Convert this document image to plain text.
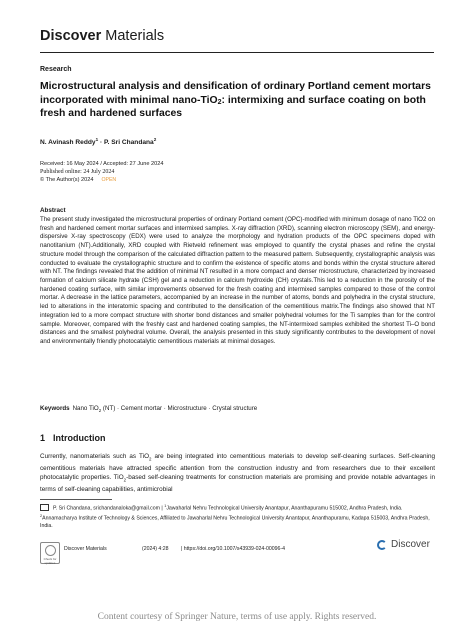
Discover Materials
Research
Microstructural analysis and densification of ordinary Portland cement mortars incorporated with minimal nano-TiO$_2$: intermixing and surface coating on both fresh and hardened surfaces
N. Avinash Reddy$^1$ · P. Sri Chandana$^2$
Received: 16 May 2024 / Accepted: 27 June 2024
Published online: 24 July 2024
© The Author(s) 2024 OPEN
Abstract
The present study investigated the microstructural properties of ordinary Portland cement (OPC)-modified with minimum dosage of nano TiO2 on fresh and hardened cement mortar surfaces and intermixed samples. X-ray diffraction (XRD), scanning electron microscopy (SEM), and energy-dispersive X-ray spectroscopy (EDX) were used to analyze the morphology and hydration products of the OPC specimens doped with nanotitanium (NT).Additionally, XRD coupled with Rietveld refinement was employed to quantify the crystal phases and refine the crystal structure model through the comparison of the calculated diffraction pattern to the measured pattern. Subsequently, crystallographic analysis was conducted to evaluate the crystallographic structure and to confirm the existence of specific atoms and bonds within the crystal structure altered with NT. The findings revealed that the addition of minimal NT resulted in a more compact and denser microstructure, characterized by increased formation of calcium silicate hydrate (CSH) gel and a reduction in calcium hydroxide (CH) crystals.This led to a reduction in the porosity of the hardened coating surface, with similar improvements observed for the fresh coating and intermixed samples compared to those of the control mortar. A decrease in the lattice parameters, accompanied by an increase in the number of atoms, bonds and polyhedra in the crystal structure, led to alterations in the interatomic spacing and contributed to the densification of the cementitious matrix.The findings also showed that NT integration led to a more compact structure with shorter bond distances and smaller polyhedral volumes for the Ti samples than for the control sample. Moreover, compared with the freshly cast and hardened coating samples, the NT-intermixed samples exhibited the shortest Ti–O bond distances and the smallest polyhedral volume. Overall, the analysis presented in this study significantly contributes to the development of novel and environmentally friendly photocatalytic cementitious materials at minimal dosages.
Keywords Nano TiO$_2$ (NT) · Cement mortar · Microstructure · Crystal structure
1 Introduction
Currently, nanomaterials such as TiO$_2$ are being integrated into cementitious materials to develop self-cleaning surfaces. Self-cleaning cementitious materials have attracted specific attention from the construction industry and from researchers due to their excellent photocatalytic properties. TiO$_2$-based self-cleaning treatments for construction materials are promising and provide notable advantages in terms of self-cleaning capabilities, antimicrobial
P. Sri Chandana, srichandanaloka@gmail.com | $^1$Jawaharlal Nehru Technological University Anantapur, Ananthapuramu 515002, Andhra Pradesh, India. $^2$Annamacharya Institute of Technology & Sciences, Affiliated to Jawaharlal Nehru Technological University Anantapur, Ananthapuramu, Kadapa 515003, Andhra Pradesh, India.
Check for updates
Discover Materials	(2024) 4:28 | https://doi.org/10.1007/s43939-024-00096-4	Discover
Content courtesy of Springer Nature, terms of use apply. Rights reserved.
